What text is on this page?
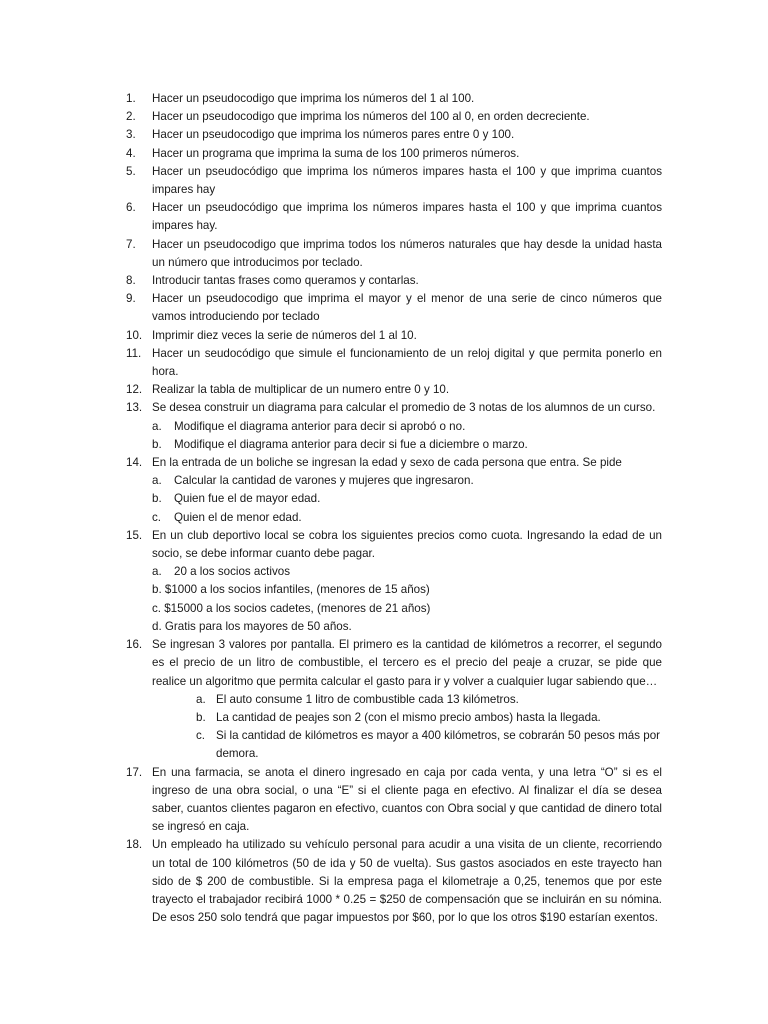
1.	Hacer un pseudocodigo que imprima los números del 1 al 100.
2.	Hacer un pseudocodigo que imprima los números del 100 al 0, en orden decreciente.
3.	Hacer un pseudocodigo que imprima los números pares entre 0 y 100.
4.	Hacer un programa que imprima la suma de los 100 primeros números.
5.	Hacer un pseudocódigo que imprima los números impares hasta el 100 y que imprima cuantos impares hay
6.	Hacer un pseudocódigo que imprima los números impares hasta el 100 y que imprima cuantos impares hay.
7.	Hacer un pseudocodigo que imprima todos los números naturales que hay desde la unidad hasta un número que introducimos por teclado.
8.	Introducir tantas frases como queramos y contarlas.
9.	Hacer un pseudocodigo que imprima el mayor y el menor de una serie de cinco números que vamos introduciendo por teclado
10. Imprimir diez veces la serie de números del 1 al 10.
11. Hacer un seudocódigo que simule el funcionamiento de un reloj digital y que permita ponerlo en hora.
12. Realizar la tabla de multiplicar de un numero entre 0 y 10.
13. Se desea construir un diagrama para calcular el promedio de 3 notas de los alumnos de un curso.
a. Modifique el diagrama anterior para decir si aprobó o no.
b. Modifique el diagrama anterior para decir si fue a diciembre o marzo.
14. En la entrada de un boliche se ingresan la edad y sexo de cada persona que entra. Se pide
a. Calcular la cantidad de varones y mujeres que ingresaron.
b. Quien fue el de mayor edad.
c. Quien el de menor edad.
15. En un club deportivo local se cobra los siguientes precios como cuota. Ingresando la edad de un socio, se debe informar cuanto debe pagar.
a. 20 a los socios activos
b. $1000 a los socios infantiles, (menores de 15 años)
c. $15000 a los socios cadetes, (menores de 21 años)
d. Gratis para los mayores de 50 años.
16. Se ingresan 3 valores por pantalla. El primero es la cantidad de kilómetros a recorrer, el segundo es el precio de un litro de combustible, el tercero es el precio del peaje a cruzar, se pide que realice un algoritmo que permita calcular el gasto para ir y volver a cualquier lugar sabiendo que…
a. El auto consume 1 litro de combustible cada 13 kilómetros.
b. La cantidad de peajes son 2 (con el mismo precio ambos) hasta la llegada.
c. Si la cantidad de kilómetros es mayor a 400 kilómetros, se cobrarán 50 pesos más por demora.
17. En una farmacia, se anota el dinero ingresado en caja por cada venta, y una letra “O” si es el ingreso de una obra social, o una “E” si el cliente paga en efectivo. Al finalizar el día se desea saber, cuantos clientes pagaron en efectivo, cuantos con Obra social y que cantidad de dinero total se ingresó en caja.
18. Un empleado ha utilizado su vehículo personal para acudir a una visita de un cliente, recorriendo un total de 100 kilómetros (50 de ida y 50 de vuelta). Sus gastos asociados en este trayecto han sido de $ 200 de combustible. Si la empresa paga el kilometraje a 0,25, tenemos que por este trayecto el trabajador recibirá 1000 * 0.25 = $250 de compensación que se incluirán en su nómina. De esos 250 solo tendrá que pagar impuestos por $60, por lo que los otros $190 estarían exentos.
